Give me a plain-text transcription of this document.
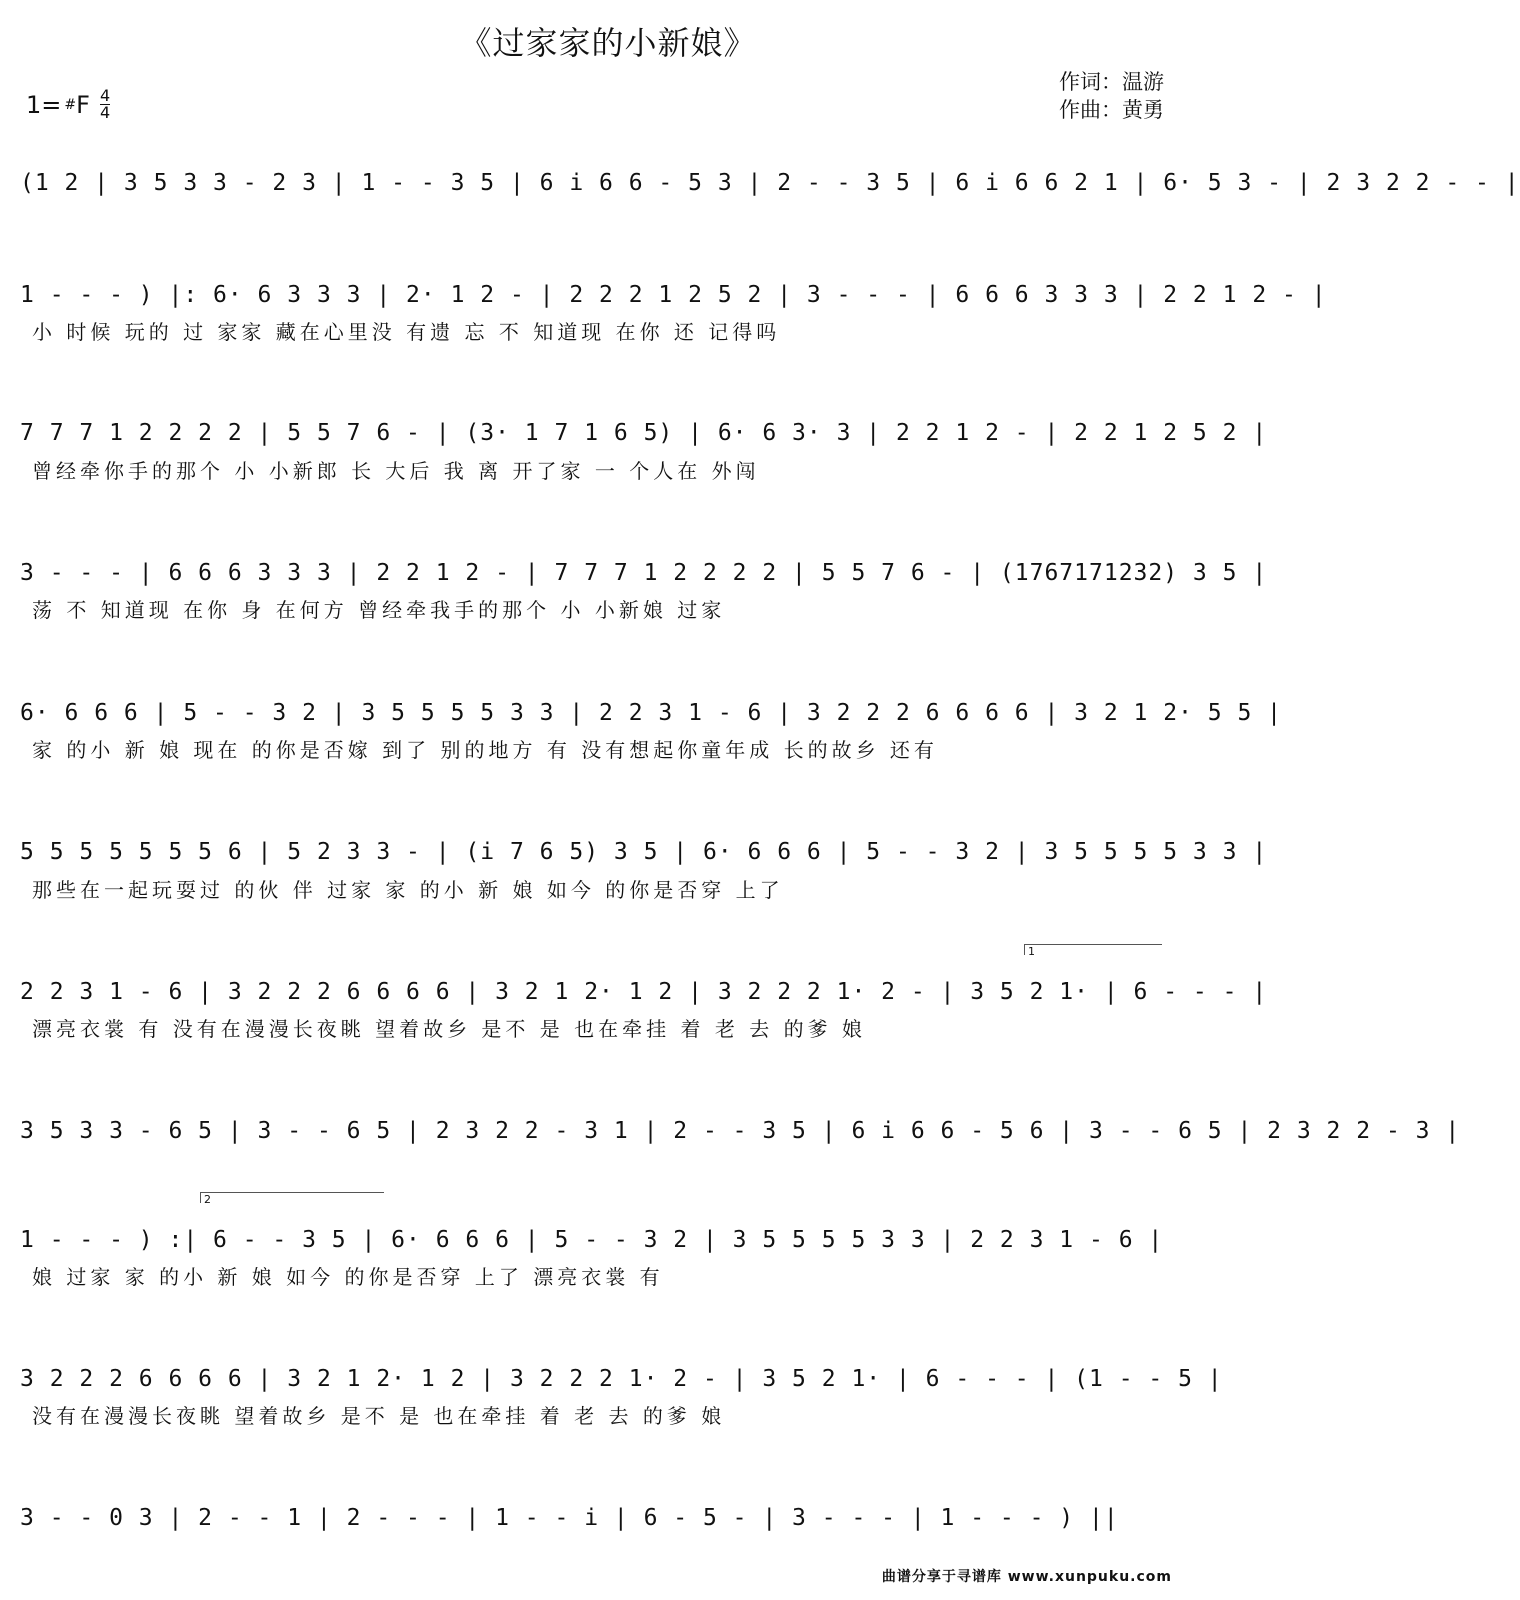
《过家家的小新娘》
1= # F $\frac{4}{4}$
作词：温游
作曲：黄勇
(1 2 | 3 5 3 3 - 2 3 | 1 - - 3 5 | 6 i 6 6 - 5 3 | 2 - - 3 5 | 6 i 6 6 2 1 | 6· 5 3 - | 2 3 2 2 - - |
1 - - - ) |: 6· 6 3 3 3 | 2· 1 2 - | 2 2 2 1 2 5 2 | 3 - - - | 6 6 6 3 3 3 | 2 2 1 2 - |
小 时候 玩的 过 家家 藏在心里没 有遗 忘 不 知道现 在你 还 记得吗
7 7 7 1 2 2 2 2 | 5 5 7 6 - | (3· 1 7 1 6 5) | 6· 6 3· 3 | 2 2 1 2 - | 2 2 1 2 5 2 |
曾经牵你手的那个 小 小新郎 长 大后 我 离 开了家 一 个人在 外闯
3 - - - | 6 6 6 3 3 3 | 2 2 1 2 - | 7 7 7 1 2 2 2 2 | 5 5 7 6 - | (1767171232) 3 5 |
荡 不 知道现 在你 身 在何方 曾经牵我手的那个 小 小新娘 过家
6· 6 6 6 | 5 - - 3 2 | 3 5 5 5 5 3 3 | 2 2 3 1 - 6 | 3 2 2 2 6 6 6 6 | 3 2 1 2· 5 5 |
家 的小 新 娘 现在 的你是否嫁 到了 别的地方 有 没有想起你童年成 长的故乡 还有
5 5 5 5 5 5 5 6 | 5 2 3 3 - | (i 7 6 5) 3 5 | 6· 6 6 6 | 5 - - 3 2 | 3 5 5 5 5 3 3 |
那些在一起玩耍过 的伙 伴 过家 家 的小 新 娘 如今 的你是否穿 上了
1
2 2 3 1 - 6 | 3 2 2 2 6 6 6 6 | 3 2 1 2· 1 2 | 3 2 2 2 1· 2 - | 3 5 2 1· | 6 - - - |
漂亮衣裳 有 没有在漫漫长夜眺 望着故乡 是不 是 也在牵挂 着 老 去 的爹 娘
3 5 3 3 - 6 5 | 3 - - 6 5 | 2 3 2 2 - 3 1 | 2 - - 3 5 | 6 i 6 6 - 5 6 | 3 - - 6 5 | 2 3 2 2 - 3 |
2
1 - - - ) :| 6 - - 3 5 | 6· 6 6 6 | 5 - - 3 2 | 3 5 5 5 5 3 3 | 2 2 3 1 - 6 |
娘 过家 家 的小 新 娘 如今 的你是否穿 上了 漂亮衣裳 有
3 2 2 2 6 6 6 6 | 3 2 1 2· 1 2 | 3 2 2 2 1· 2 - | 3 5 2 1· | 6 - - - | (1 - - 5 |
没有在漫漫长夜眺 望着故乡 是不 是 也在牵挂 着 老 去 的爹 娘
3 - - 0 3 | 2 - - 1 | 2 - - - | 1 - - i | 6 - 5 - | 3 - - - | 1 - - - ) ||
曲谱分享于寻谱库 www.xunpuku.com
